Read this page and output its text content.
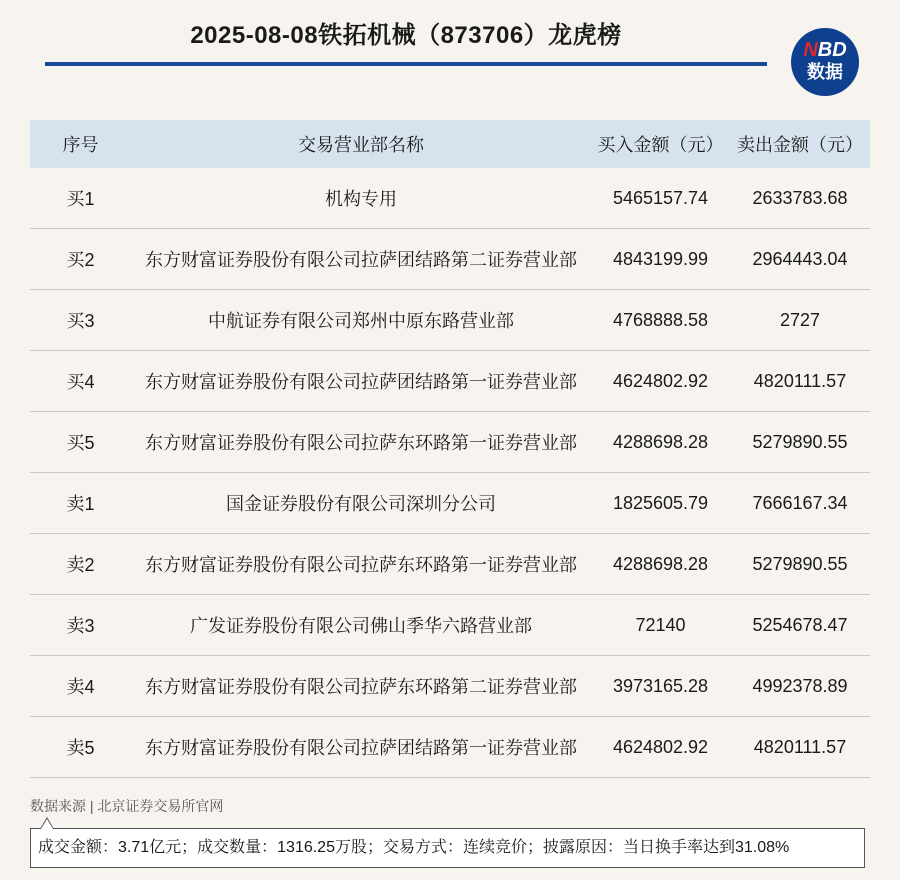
2025-08-08铁拓机械（873706）龙虎榜
NBD
数据
序号	交易营业部名称	买入金额（元）	卖出金额（元）
买1	机构专用	5465157.74	2633783.68
买2	东方财富证券股份有限公司拉萨团结路第二证券营业部	4843199.99	2964443.04
买3	中航证券有限公司郑州中原东路营业部	4768888.58	2727
买4	东方财富证券股份有限公司拉萨团结路第一证券营业部	4624802.92	4820111.57
买5	东方财富证券股份有限公司拉萨东环路第一证券营业部	4288698.28	5279890.55
卖1	国金证券股份有限公司深圳分公司	1825605.79	7666167.34
卖2	东方财富证券股份有限公司拉萨东环路第一证券营业部	4288698.28	5279890.55
卖3	广发证券股份有限公司佛山季华六路营业部	72140	5254678.47
卖4	东方财富证券股份有限公司拉萨东环路第二证券营业部	3973165.28	4992378.89
卖5	东方财富证券股份有限公司拉萨团结路第一证券营业部	4624802.92	4820111.57
数据来源 | 北京证券交易所官网
成交金额：3.71亿元；成交数量：1316.25万股；交易方式：连续竞价；披露原因：当日换手率达到31.08%
